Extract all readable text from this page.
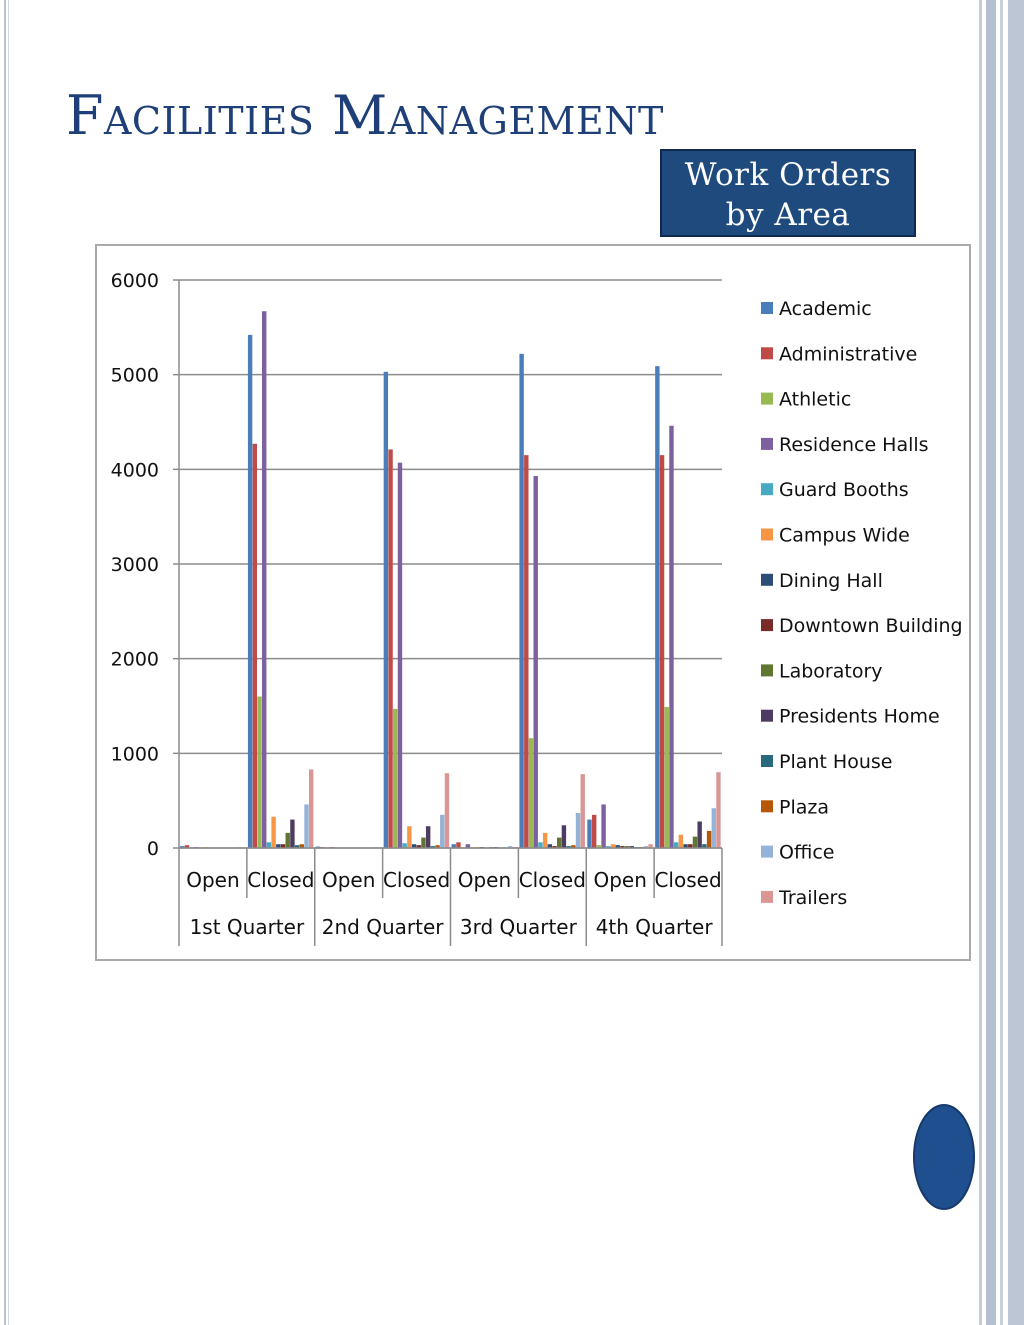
Facilities Management
Work Orders
by Area
0
1000
2000
3000
4000
5000
6000
Open Closed Open Closed Open Closed Open Closed
1st Quarter 2nd Quarter 3rd Quarter 4th Quarter
Academic
Administrative
Athletic
Residence Halls
Guard Booths
Campus Wide
Dining Hall
Downtown Building
Laboratory
Presidents Home
Plant House
Plaza
Office
Trailers
